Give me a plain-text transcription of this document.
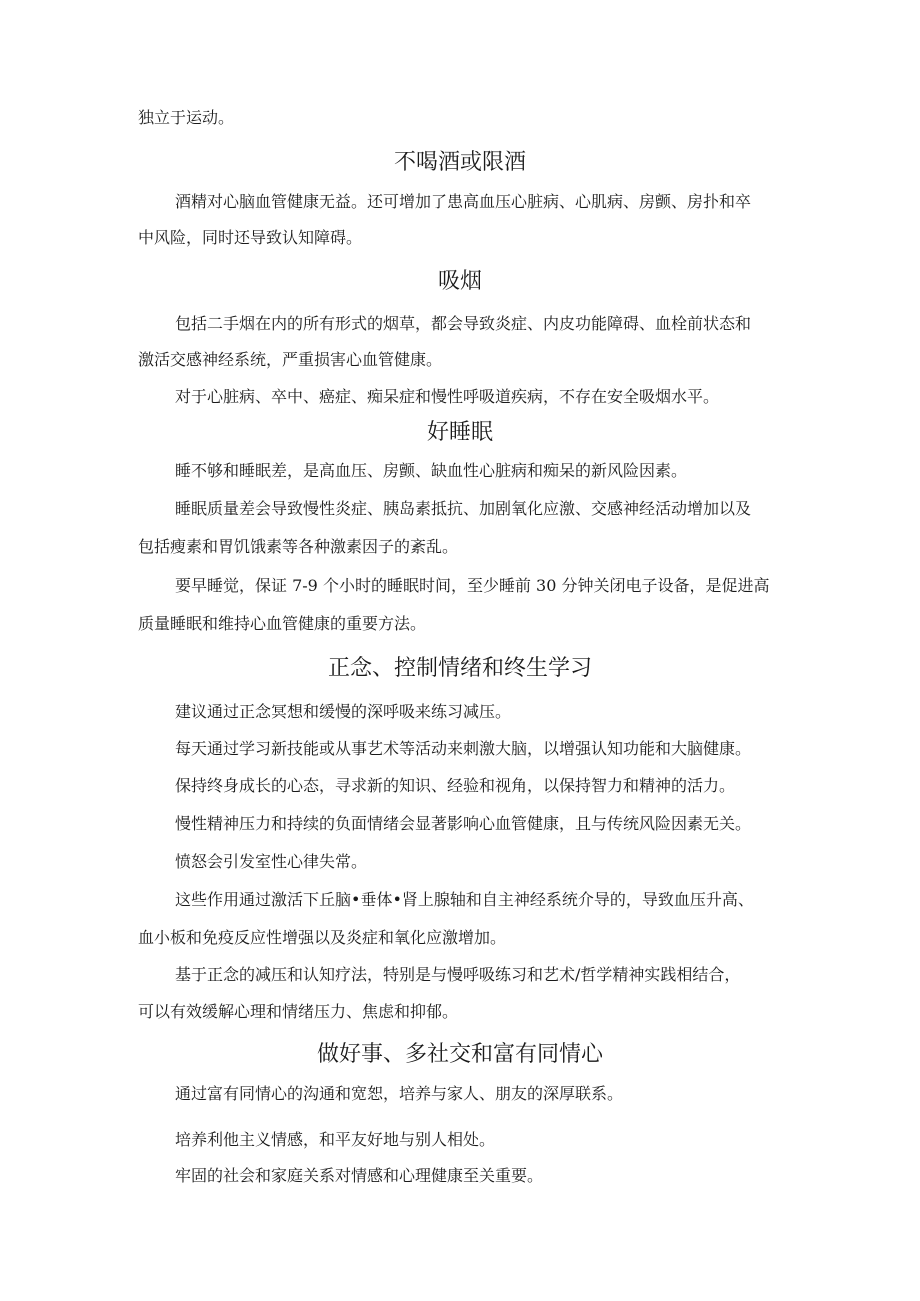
独立于运动。

不喝酒或限酒

酒精对心脑血管健康无益。还可增加了患高血压心脏病、心肌病、房颤、房扑和卒

中风险，同时还导致认知障碍。

吸烟

包括二手烟在内的所有形式的烟草，都会导致炎症、内皮功能障碍、血栓前状态和

激活交感神经系统，严重损害心血管健康。

对于心脏病、卒中、癌症、痴呆症和慢性呼吸道疾病，不存在安全吸烟水平。

好睡眠

睡不够和睡眠差，是高血压、房颤、缺血性心脏病和痴呆的新风险因素。

睡眠质量差会导致慢性炎症、胰岛素抵抗、加剧氧化应激、交感神经活动增加以及

包括瘦素和胃饥饿素等各种激素因子的紊乱。

要早睡觉，保证 7-9 个小时的睡眠时间，至少睡前 30 分钟关闭电子设备，是促进高

质量睡眠和维持心血管健康的重要方法。

正念、控制情绪和终生学习

建议通过正念冥想和缓慢的深呼吸来练习减压。

每天通过学习新技能或从事艺术等活动来刺激大脑，以增强认知功能和大脑健康。

保持终身成长的心态，寻求新的知识、经验和视角，以保持智力和精神的活力。

慢性精神压力和持续的负面情绪会显著影响心血管健康，且与传统风险因素无关。

愤怒会引发室性心律失常。

这些作用通过激活下丘脑•垂体•肾上腺轴和自主神经系统介导的，导致血压升高、

血小板和免疫反应性增强以及炎症和氧化应激增加。

基于正念的减压和认知疗法，特别是与慢呼吸练习和艺术/哲学精神实践相结合，

可以有效缓解心理和情绪压力、焦虑和抑郁。

做好事、多社交和富有同情心

通过富有同情心的沟通和宽恕，培养与家人、朋友的深厚联系。

培养利他主义情感，和平友好地与别人相处。

牢固的社会和家庭关系对情感和心理健康至关重要。
